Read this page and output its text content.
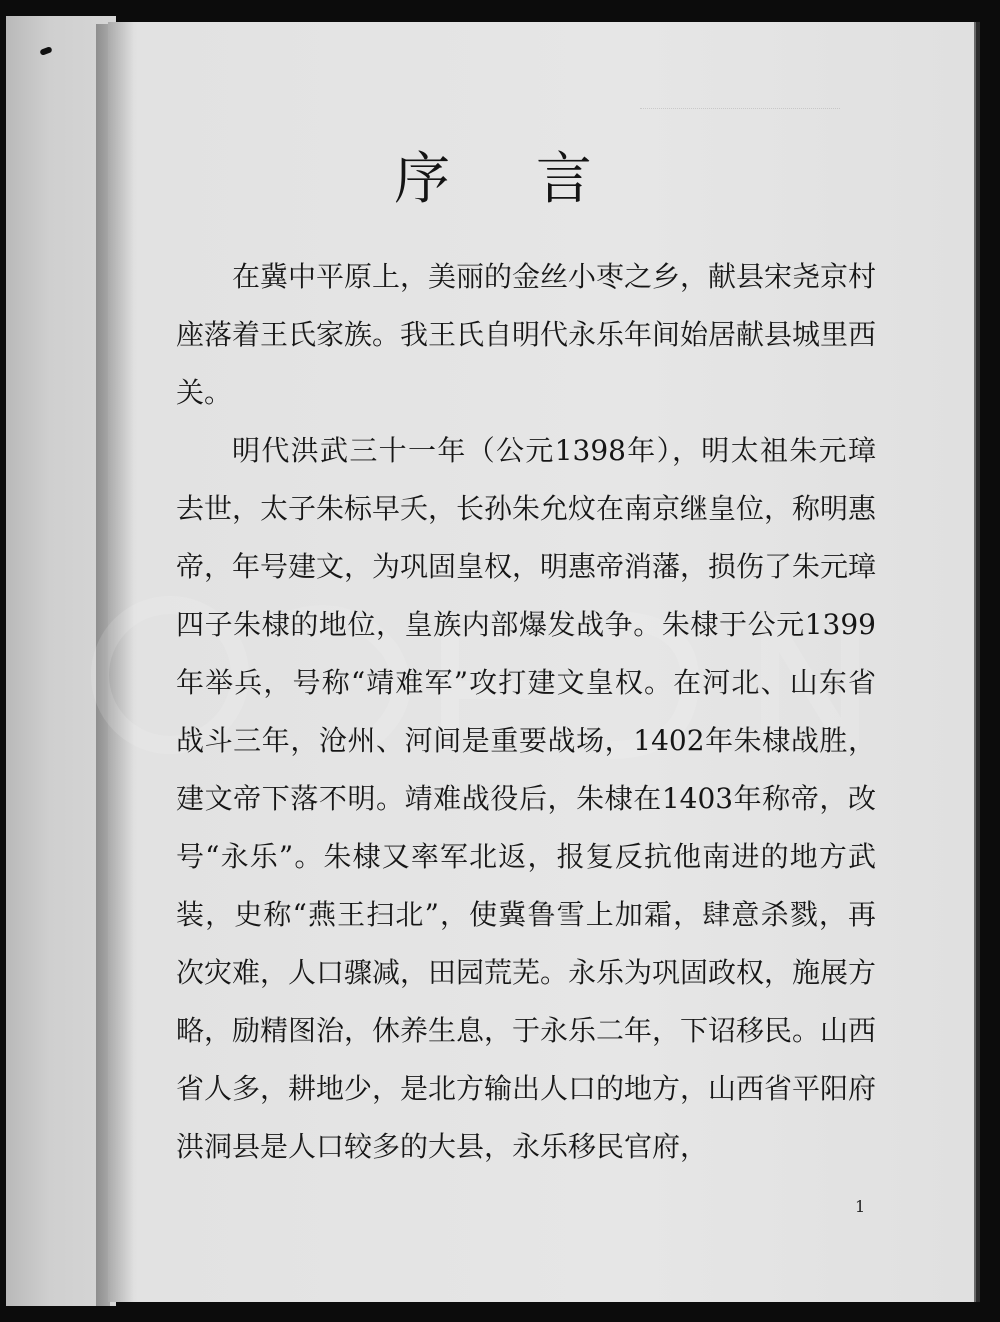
序 言

在冀中平原上，美丽的金丝小枣之乡，献县宋尧京村座落着王氏家族。我王氏自明代永乐年间始居献县城里西关。

明代洪武三十一年（公元1398年），明太祖朱元璋去世，太子朱标早夭，长孙朱允炆在南京继皇位，称明惠帝，年号建文，为巩固皇权，明惠帝消藩，损伤了朱元璋四子朱棣的地位，皇族内部爆发战争。朱棣于公元1399年举兵，号称“靖难军”攻打建文皇权。在河北、山东省战斗三年，沧州、河间是重要战场，1402年朱棣战胜，建文帝下落不明。靖难战役后，朱棣在1403年称帝，改号“永乐”。朱棣又率军北返，报复反抗他南进的地方武装，史称“燕王扫北”，使冀鲁雪上加霜，肆意杀戮，再次灾难，人口骤减，田园荒芜。永乐为巩固政权，施展方略，励精图治，休养生息，于永乐二年，下诏移民。山西省人多，耕地少，是北方输出人口的地方，山西省平阳府洪洞县是人口较多的大县，永乐移民官府，

1
